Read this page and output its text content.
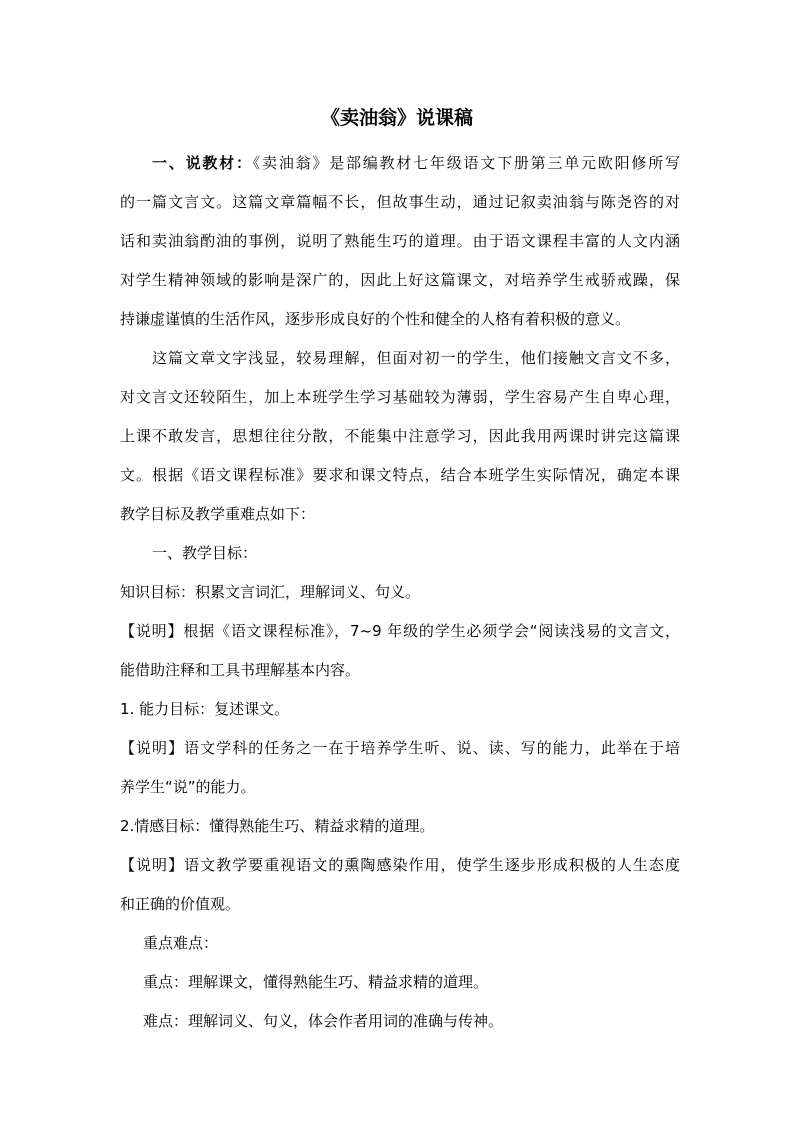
《卖油翁》说课稿
一、说教材：《卖油翁》是部编教材七年级语文下册第三单元欧阳修所写
的一篇文言文。这篇文章篇幅不长，但故事生动，通过记叙卖油翁与陈尧咨的对
话和卖油翁酌油的事例，说明了熟能生巧的道理。由于语文课程丰富的人文内涵
对学生精神领域的影响是深广的，因此上好这篇课文，对培养学生戒骄戒躁，保
持谦虚谨慎的生活作风，逐步形成良好的个性和健全的人格有着积极的意义。
这篇文章文字浅显，较易理解，但面对初一的学生，他们接触文言文不多，
对文言文还较陌生，加上本班学生学习基础较为薄弱，学生容易产生自卑心理，
上课不敢发言，思想往往分散，不能集中注意学习，因此我用两课时讲完这篇课
文。根据《语文课程标准》要求和课文特点，结合本班学生实际情况，确定本课
教学目标及教学重难点如下：
一、教学目标：
知识目标：积累文言词汇，理解词义、句义。
【说明】根据《语文课程标准》，7~9 年级的学生必须学会“阅读浅易的文言文，
能借助注释和工具书理解基本内容。
1. 能力目标：复述课文。
【说明】语文学科的任务之一在于培养学生听、说、读、写的能力，此举在于培
养学生“说”的能力。
2.情感目标：懂得熟能生巧、精益求精的道理。
【说明】语文教学要重视语文的熏陶感染作用，使学生逐步形成积极的人生态度
和正确的价值观。
重点难点：
重点：理解课文，懂得熟能生巧、精益求精的道理。
难点：理解词义、句义，体会作者用词的准确与传神。
